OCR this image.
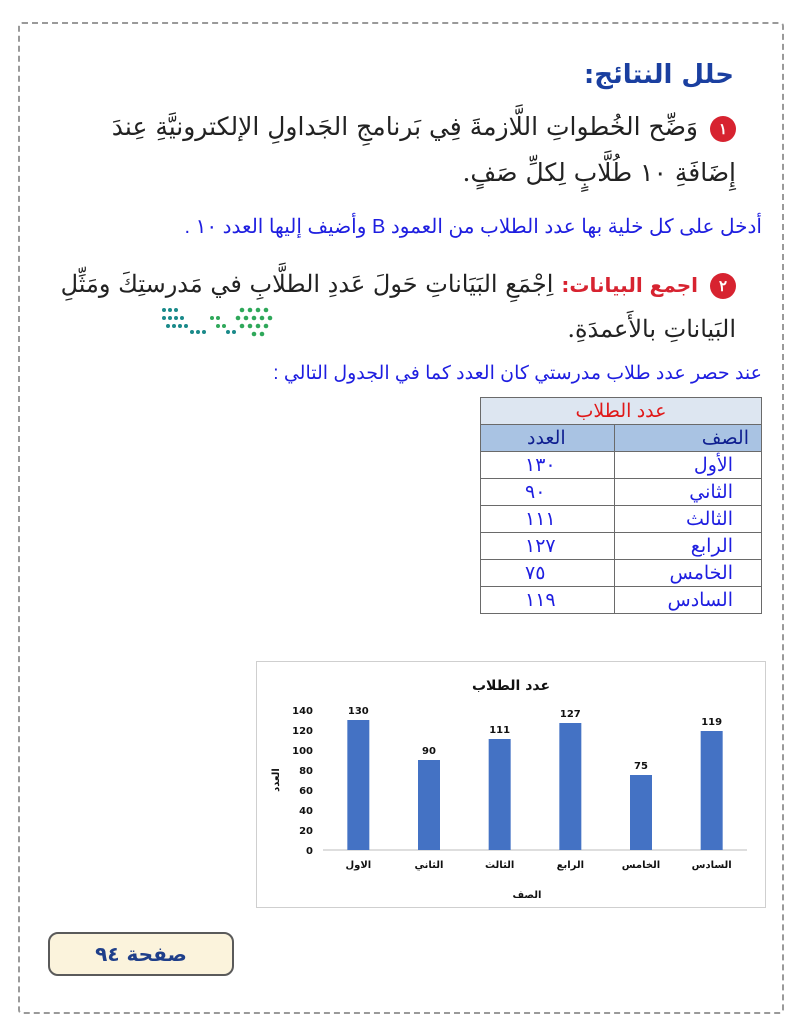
حلل النتائج:
١وَضِّح الخُطواتِ اللَّازمةَ فِي بَرنامجِ الجَداولِ الإلكترونيَّةِ عِندَ إِضَافَةِ ١٠ طُلَّابٍ لِكلِّ صَفٍ.
أدخل على كل خلية بها عدد الطلاب من العمود B وأضيف إليها العدد ١٠ .
٢اجمع البيانات:اِجْمَعِ البَيَاناتِ حَولَ عَددِ الطلَّابِ في مَدرستِكَ ومَثِّلِ البَياناتِ بالأَعمدَةِ.
عند حصر عدد طلاب مدرستي كان العدد كما في الجدول التالي :
عدد الطلاب	
الصف	العدد
الأول	١٣٠
الثاني	٩٠
الثالث	١١١
الرابع	١٢٧
الخامس	٧٥
السادس	١١٩
عدد الطلاب
0
20
40
60
80
100
120
140	130
الاول
90
الثاني
111
الثالث
127
الرابع
75
الخامس
119
السادس
الصف
العدد
صفحة ٩٤
